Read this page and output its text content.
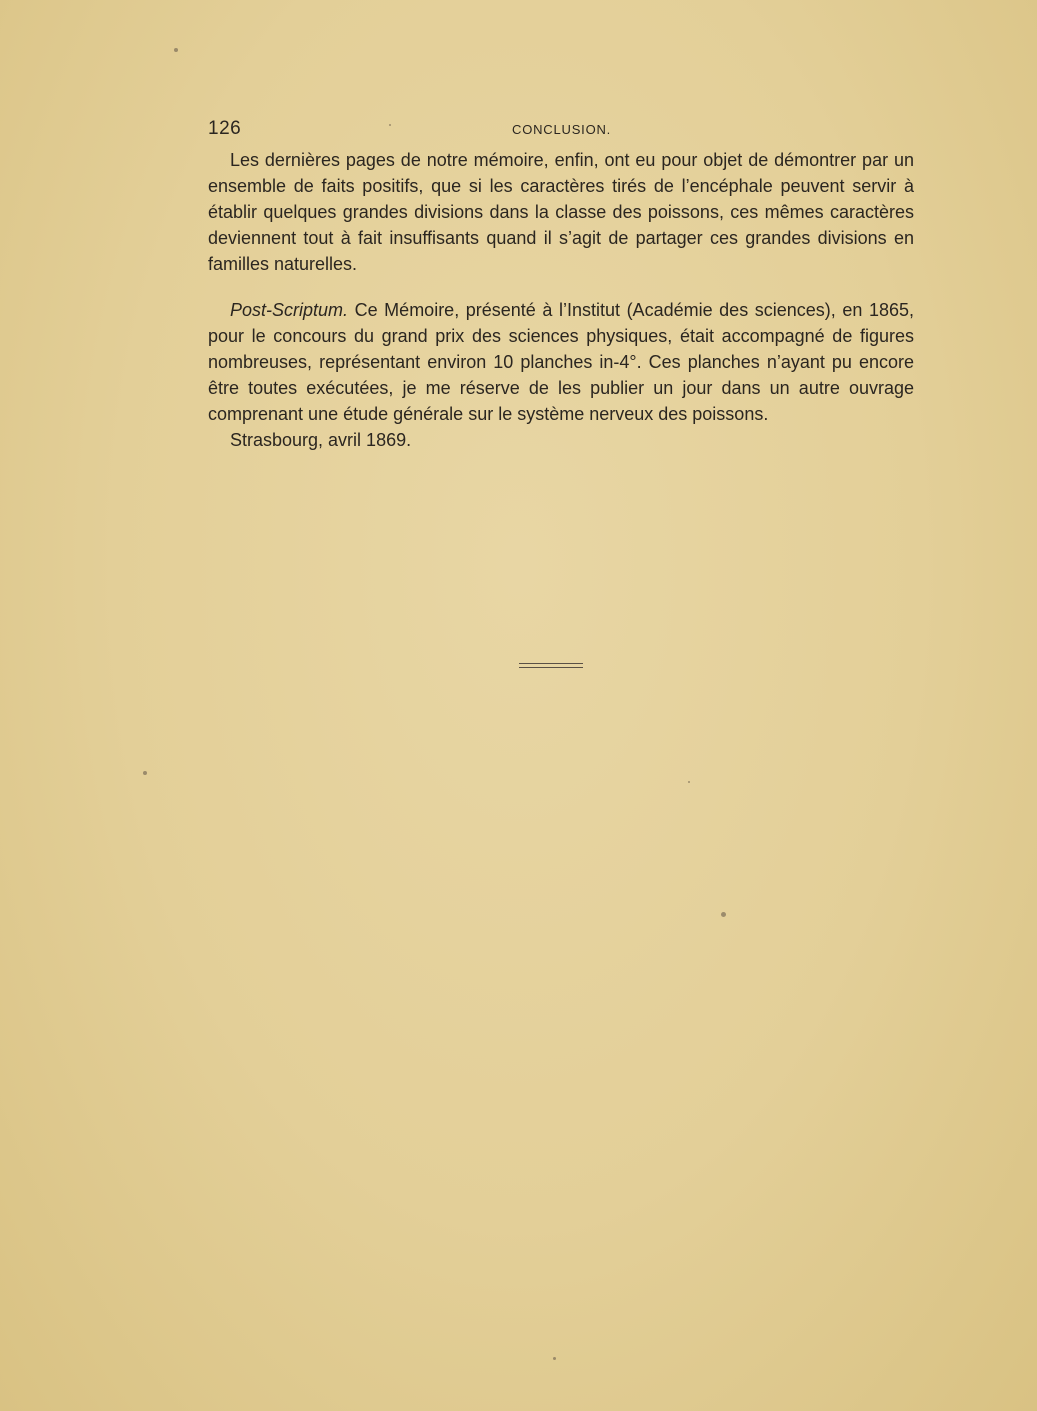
126	CONCLUSION.

Les dernières pages de notre mémoire, enfin, ont eu pour objet de démontrer par un ensemble de faits positifs, que si les caractères tirés de l’encéphale peuvent servir à établir quelques grandes divisions dans la classe des poissons, ces mêmes caractères deviennent tout à fait insuffisants quand il s’agit de partager ces grandes divisions en familles naturelles.

Post-Scriptum. Ce Mémoire, présenté à l’Institut (Académie des sciences), en 1865, pour le concours du grand prix des sciences physiques, était accompagné de figures nombreuses, représentant environ 10 planches in-4°. Ces planches n’ayant pu encore être toutes exécutées, je me réserve de les publier un jour dans un autre ouvrage comprenant une étude générale sur le système nerveux des poissons.

Strasbourg, avril 1869.
